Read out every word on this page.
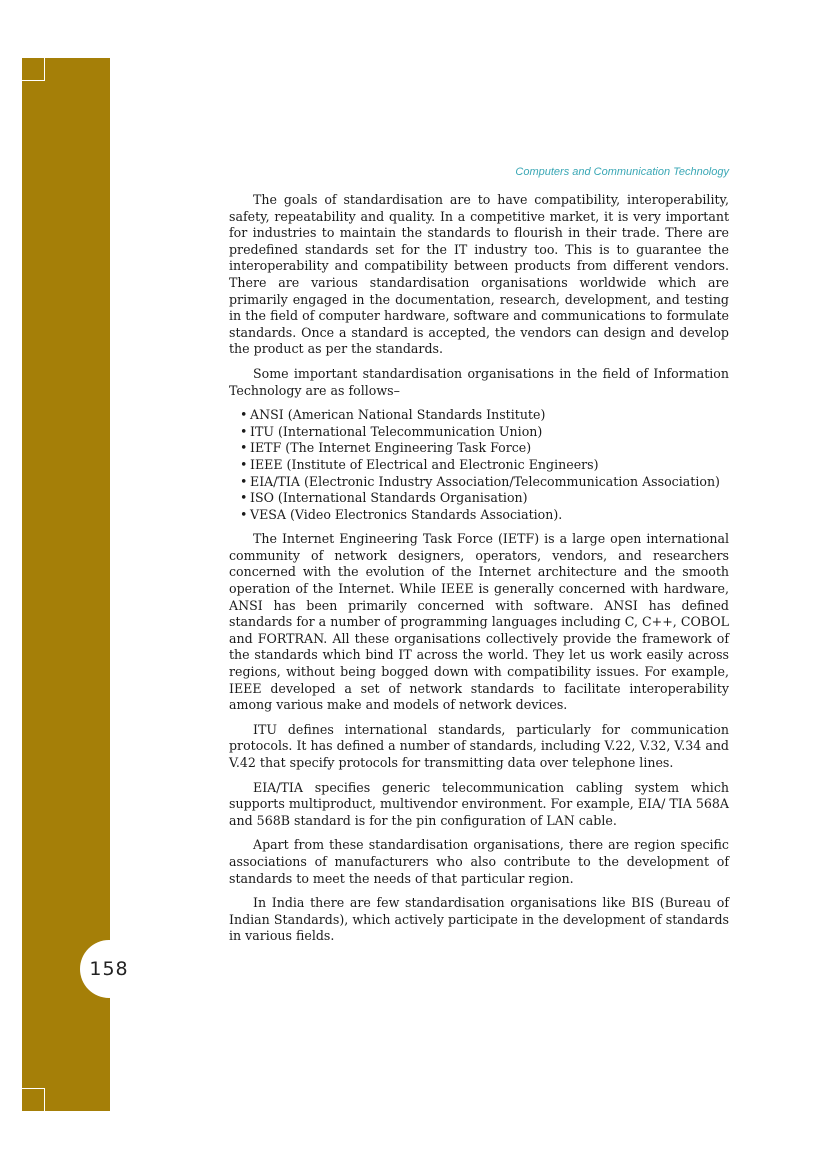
158
Computers and Communication Technology

The goals of standardisation are to have compatibility, interoperability, safety, repeatability and quality. In a competitive market, it is very important for industries to maintain the standards to flourish in their trade. There are predefined standards set for the IT industry too. This is to guarantee the interoperability and compatibility between products from different vendors. There are various standardisation organisations worldwide which are primarily engaged in the documentation, research, development, and testing in the field of computer hardware, software and communications to formulate standards. Once a standard is accepted, the vendors can design and develop the product as per the standards.

Some important standardisation organisations in the field of Information Technology are as follows–

• ANSI (American National Standards Institute)
• ITU (International Telecommunication Union)
• IETF (The Internet Engineering Task Force)
• IEEE (Institute of Electrical and Electronic Engineers)
• EIA/TIA (Electronic Industry Association/Telecommunication Association)
• ISO (International Standards Organisation)
• VESA (Video Electronics Standards Association).

The Internet Engineering Task Force (IETF) is a large open international community of network designers, operators, vendors, and researchers concerned with the evolution of the Internet architecture and the smooth operation of the Internet. While IEEE is generally concerned with hardware, ANSI has been primarily concerned with software. ANSI has defined standards for a number of programming languages including C, C++, COBOL and FORTRAN. All these organisations collectively provide the framework of the standards which bind IT across the world. They let us work easily across regions, without being bogged down with compatibility issues. For example, IEEE developed a set of network standards to facilitate interoperability among various make and models of network devices.

ITU defines international standards, particularly for communication protocols. It has defined a number of standards, including V.22, V.32, V.34 and V.42 that specify protocols for transmitting data over telephone lines.

EIA/TIA specifies generic telecommunication cabling system which supports multiproduct, multivendor environment. For example, EIA/ TIA 568A and 568B standard is for the pin configuration of LAN cable.

Apart from these standardisation organisations, there are region specific associations of manufacturers who also contribute to the development of standards to meet the needs of that particular region.

In India there are few standardisation organisations like BIS (Bureau of Indian Standards), which actively participate in the development of standards in various fields.
